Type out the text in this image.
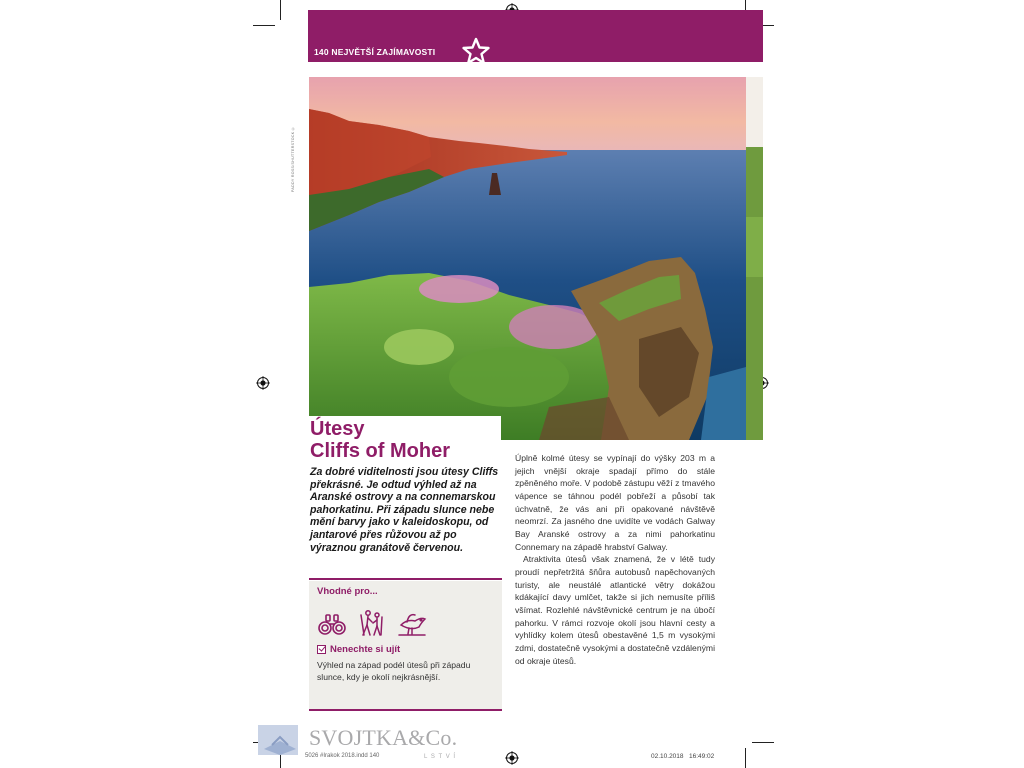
140 NEJVĚTŠÍ ZAJÍMAVOSTI
PADDY ROSS/SHUTTERSTOCK ©
Útesy
Cliffs of Moher
Za dobré viditelnosti jsou útesy Cliffs překrásné. Je odtud výhled až na Aranské ostrovy a na connemarskou pahorkatinu. Při západu slunce nebe mění barvy jako v kaleidoskopu, od jantarové přes růžovou až po výraznou granátově červenou.
Vhodné pro...
Nenechte si ujít
Výhled na západ podél útesů při západu slunce, kdy je okolí nejkrásnější.

Úplně kolmé útesy se vypínají do výšky 203 m a jejich vnější okraje spadají přímo do stále zpěněného moře. V podobě zástupu věží z tmavého vápence se táhnou podél pobřeží a působí tak úchvatně, že vás ani při opakované návštěvě neomrzí. Za jasného dne uvidíte ve vodách Galway Bay Aranské ostrovy a za nimi pahorkatinu Connemary na západě hrabství Galway.

Atraktivita útesů však znamená, že v létě tudy proudí nepřetržitá šňůra autobusů napěchovaných turisty, ale neustálé atlantické větry dokážou kdákající davy umlčet, takže si jich nemusíte příliš všímat. Rozlehlé návštěvnické centrum je na úbočí pahorku. V rámci rozvoje okolí jsou hlavní cesty a vyhlídky kolem útesů obestavěné 1,5 m vysokými zdmi, dostatečně vysokými a dostatečně vzdálenými od okraje útesů.

SVOJTKA&Co.
5026 #Irakok 2018.indd 140	LSTVÍ	02.10.2018 16:49:02
